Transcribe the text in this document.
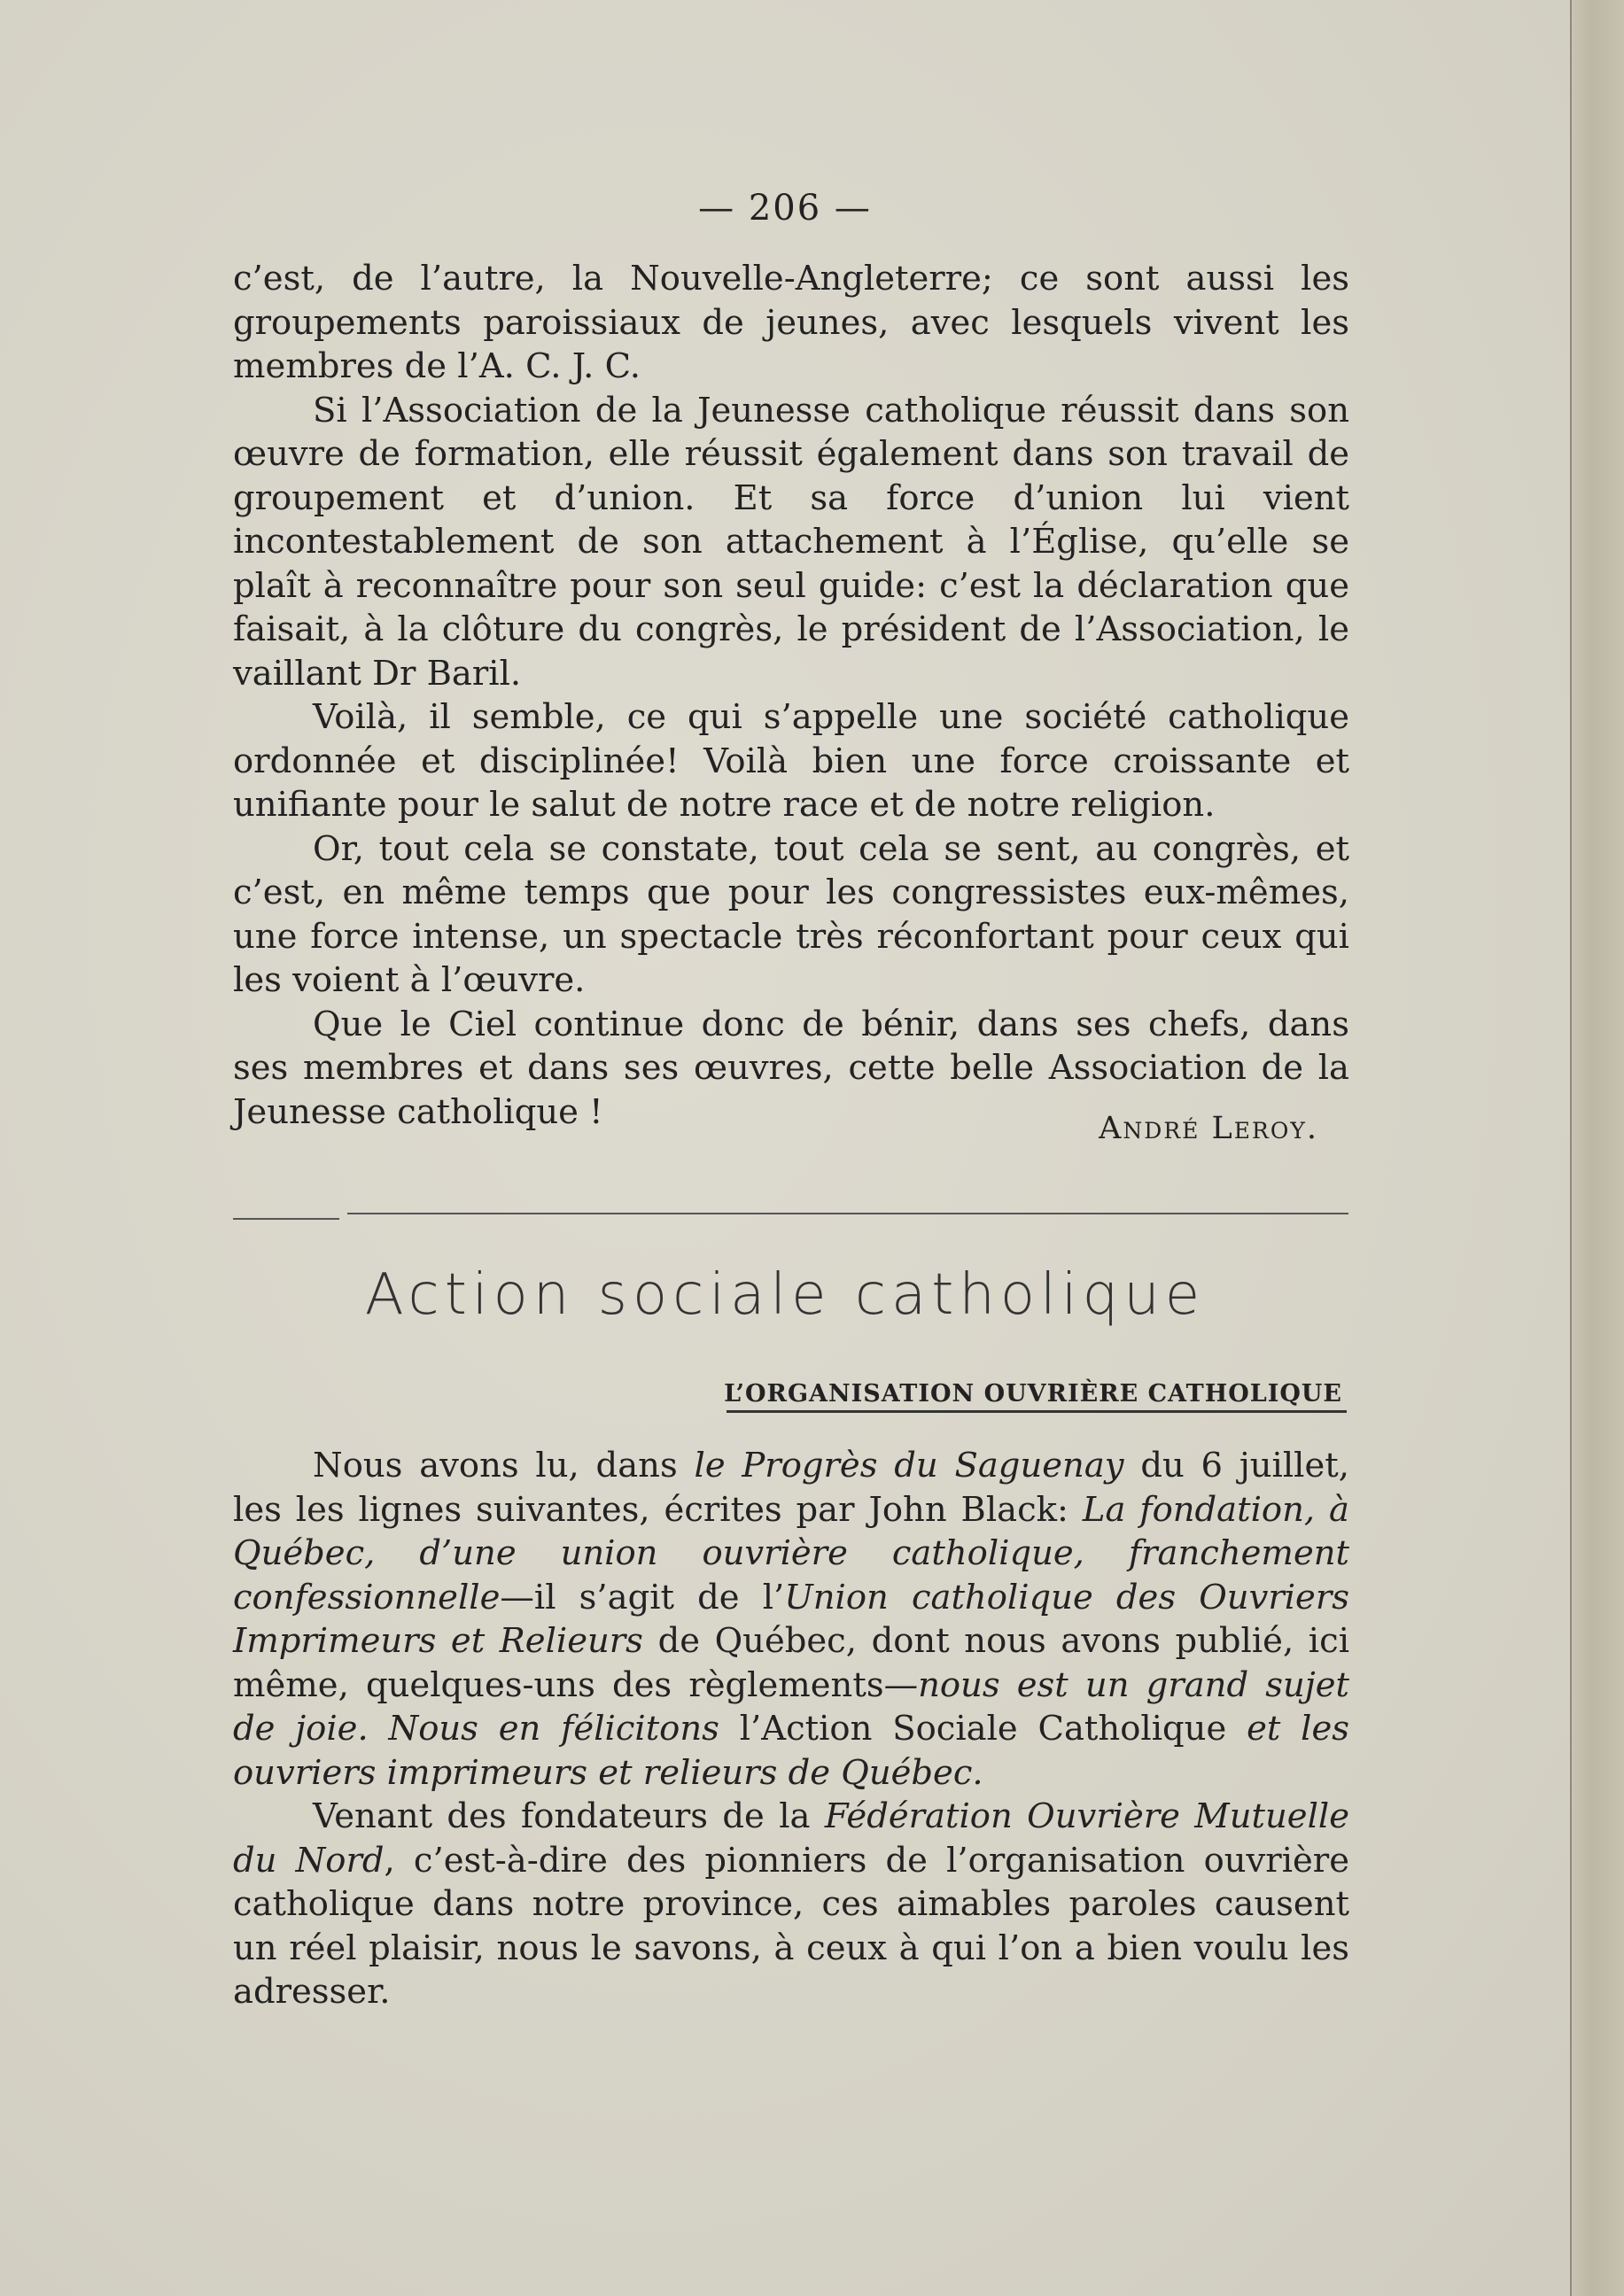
— 206 —

c’est, de l’autre, la Nouvelle-Angleterre; ce sont aussi les groupements paroissiaux de jeunes, avec lesquels vivent les membres de l’A. C. J. C.

Si l’Association de la Jeunesse catholique réussit dans son œuvre de formation, elle réussit également dans son travail de groupement et d’union. Et sa force d’union lui vient incontestablement de son attachement à l’Église, qu’elle se plaît à reconnaître pour son seul guide: c’est la déclaration que faisait, à la clôture du congrès, le président de l’Association, le vaillant Dr Baril.

Voilà, il semble, ce qui s’appelle une société catholique ordonnée et disciplinée! Voilà bien une force croissante et unifiante pour le salut de notre race et de notre religion.

Or, tout cela se constate, tout cela se sent, au congrès, et c’est, en même temps que pour les congressistes eux-mêmes, une force intense, un spectacle très réconfortant pour ceux qui les voient à l’œuvre.

Que le Ciel continue donc de bénir, dans ses chefs, dans ses membres et dans ses œuvres, cette belle Association de la Jeunesse catholique !	André Leroy.
Action sociale catholique
L’ORGANISATION OUVRIÈRE CATHOLIQUE

Nous avons lu, dans le Progrès du Saguenay du 6 juillet, les les lignes suivantes, écrites par John Black: La fondation, à Québec, d’une union ouvrière catholique, franchement confessionnelle—il s’agit de l’Union catholique des Ouvriers Imprimeurs et Relieurs de Québec, dont nous avons publié, ici même, quelques-uns des règlements—nous est un grand sujet de joie. Nous en félicitons l’Action Sociale Catholique et les ouvriers imprimeurs et relieurs de Québec.

Venant des fondateurs de la Fédération Ouvrière Mutuelle du Nord, c’est-à-dire des pionniers de l’organisation ouvrière catholique dans notre province, ces aimables paroles causent un réel plaisir, nous le savons, à ceux à qui l’on a bien voulu les adresser.
